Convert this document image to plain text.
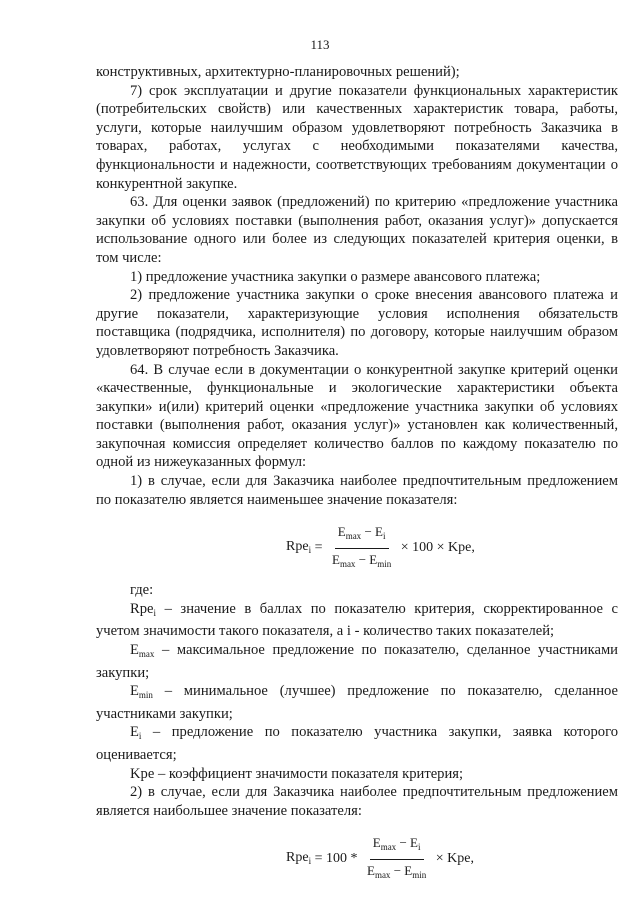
113

конструктивных, архитектурно-планировочных решений);

7) срок эксплуатации и другие показатели функциональных характеристик (потребительских свойств) или качественных характеристик товара, работы, услуги, которые наилучшим образом удовлетворяют потребность Заказчика в товарах, работах, услугах с необходимыми показателями качества, функциональности и надежности, соответствующих требованиям документации о конкурентной закупке.

63. Для оценки заявок (предложений) по критерию «предложение участника закупки об условиях поставки (выполнения работ, оказания услуг)» допускается использование одного или более из следующих показателей критерия оценки, в том числе:

1) предложение участника закупки о размере авансового платежа;

2) предложение участника закупки о сроке внесения авансового платежа и другие показатели, характеризующие условия исполнения обязательств поставщика (подрядчика, исполнителя) по договору, которые наилучшим образом удовлетворяют потребность Заказчика.

64. В случае если в документации о конкурентной закупке критерий оценки «качественные, функциональные и экологические характеристики объекта закупки» и(или) критерий оценки «предложение участника закупки об условиях поставки (выполнения работ, оказания услуг)» установлен как количественный, закупочная комиссия определяет количество баллов по каждому показателю по одной из нижеуказанных формул:

1) в случае, если для Заказчика наиболее предпочтительным предложением по показателю является наименьшее значение показателя:

$Rpe_i = \frac{E_{max} - E_i}{E_{max} - E_{min}} \times 100$ × Kpe,

где:

Rpe$_i$ – значение в баллах по показателю критерия, скорректированное с учетом значимости такого показателя, а i - количество таких показателей;

$E_{max}$ – максимальное предложение по показателю, сделанное участниками закупки;

$E_{min}$ – минимальное (лучшее) предложение по показателю, сделанное участниками закупки;

$E_i$ – предложение по показателю участника закупки, заявка которого оценивается;

Kpe – коэффициент значимости показателя критерия;

2) в случае, если для Заказчика наиболее предпочтительным предложением является наибольшее значение показателя:

$Rpe_i = 100 * \frac{E_{max} - E_i}{E_{max} - E_{min}}$ × Kpe,
